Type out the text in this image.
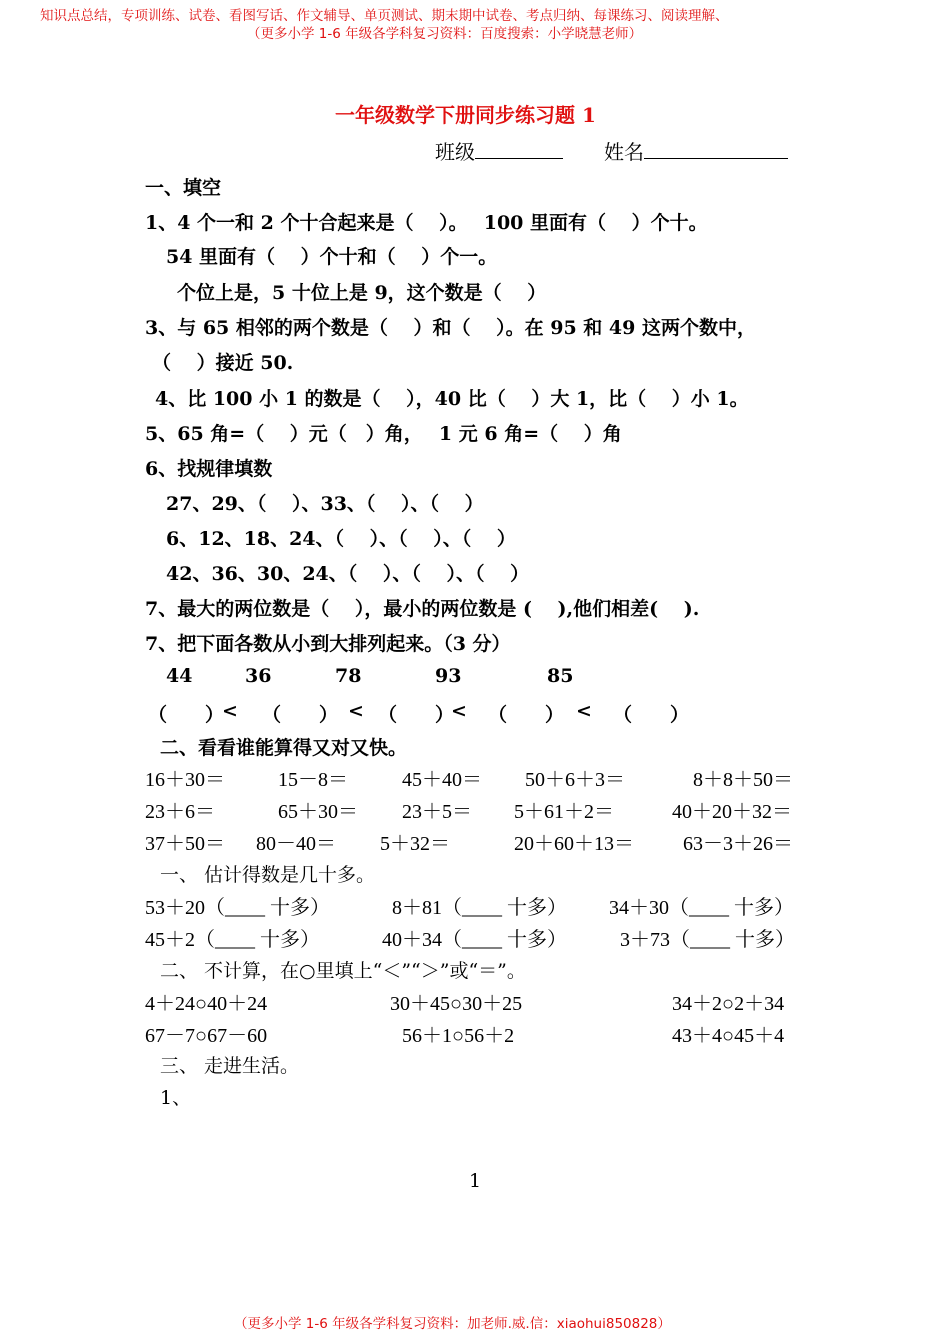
知识点总结，专项训练、试卷、看图写话、作文辅导、单页测试、期末期中试卷、考点归纳、每课练习、阅读理解、
（更多小学 1-6 年级各学科复习资料：百度搜索：小学晓慧老师）
一年级数学下册同步练习题 1
班级	姓名
一、填空
1、4 个一和 2 个十合起来是（　 ）。　 100 里面有（　 ）个十。
54 里面有（　 ）个十和（　 ）个一。
个位上是，5 十位上是 9，这个数是（　 ）
3、与 65 相邻的两个数是（　 ）和（　 ）。在 95 和 49 这两个数中，
（　 ）接近 50.
4、比 100 小 1 的数是（　 ），40 比（　 ）大 1，比（　 ）小 1。
5、65 角=（　 ）元（　）角，　 1 元 6 角=（　 ）角
6、找规律填数
27、29、（　 ）、33、（　 ）、（　 ）
6、12、18、24、（　 ）、（　 ）、（　 ）
42、36、30、24、（　 ）、（　 ）、（　 ）
7、最大的两位数是（　 ），最小的两位数是 (　 ),他们相差(　 ).
7、把下面各数从小到大排列起来。（3 分）
44	36	78	93	85
（　　）
< （　　） < （　　）
< （　　） < （　　）
二、看看谁能算得又对又快。
16＋30＝	15－8＝	45＋40＝ 50＋6＋3＝	8＋8＋50＝
23＋6＝	65＋30＝ 23＋5＝ 5＋61＋2＝	40＋20＋32＝
37＋50＝ 80－40＝ 5＋32＝	20＋60＋13＝ 63－3＋26＝
一、 估计得数是几十多。
53＋20（____ 十多）	8＋81（____ 十多） 34＋30（____ 十多）
45＋2（____ 十多）	40＋34（____ 十多）	3＋73（____ 十多）
二、 不计算，在○里填上“＜”“＞”或“＝”。
4＋24○40＋24	30＋45○30＋25	34＋2○2＋34
67－7○67－60	56＋1○56＋2	43＋4○45＋4
三、 走进生活。
1、
1
（更多小学 1-6 年级各学科复习资料：加老师.威.信：xiaohui850828）
